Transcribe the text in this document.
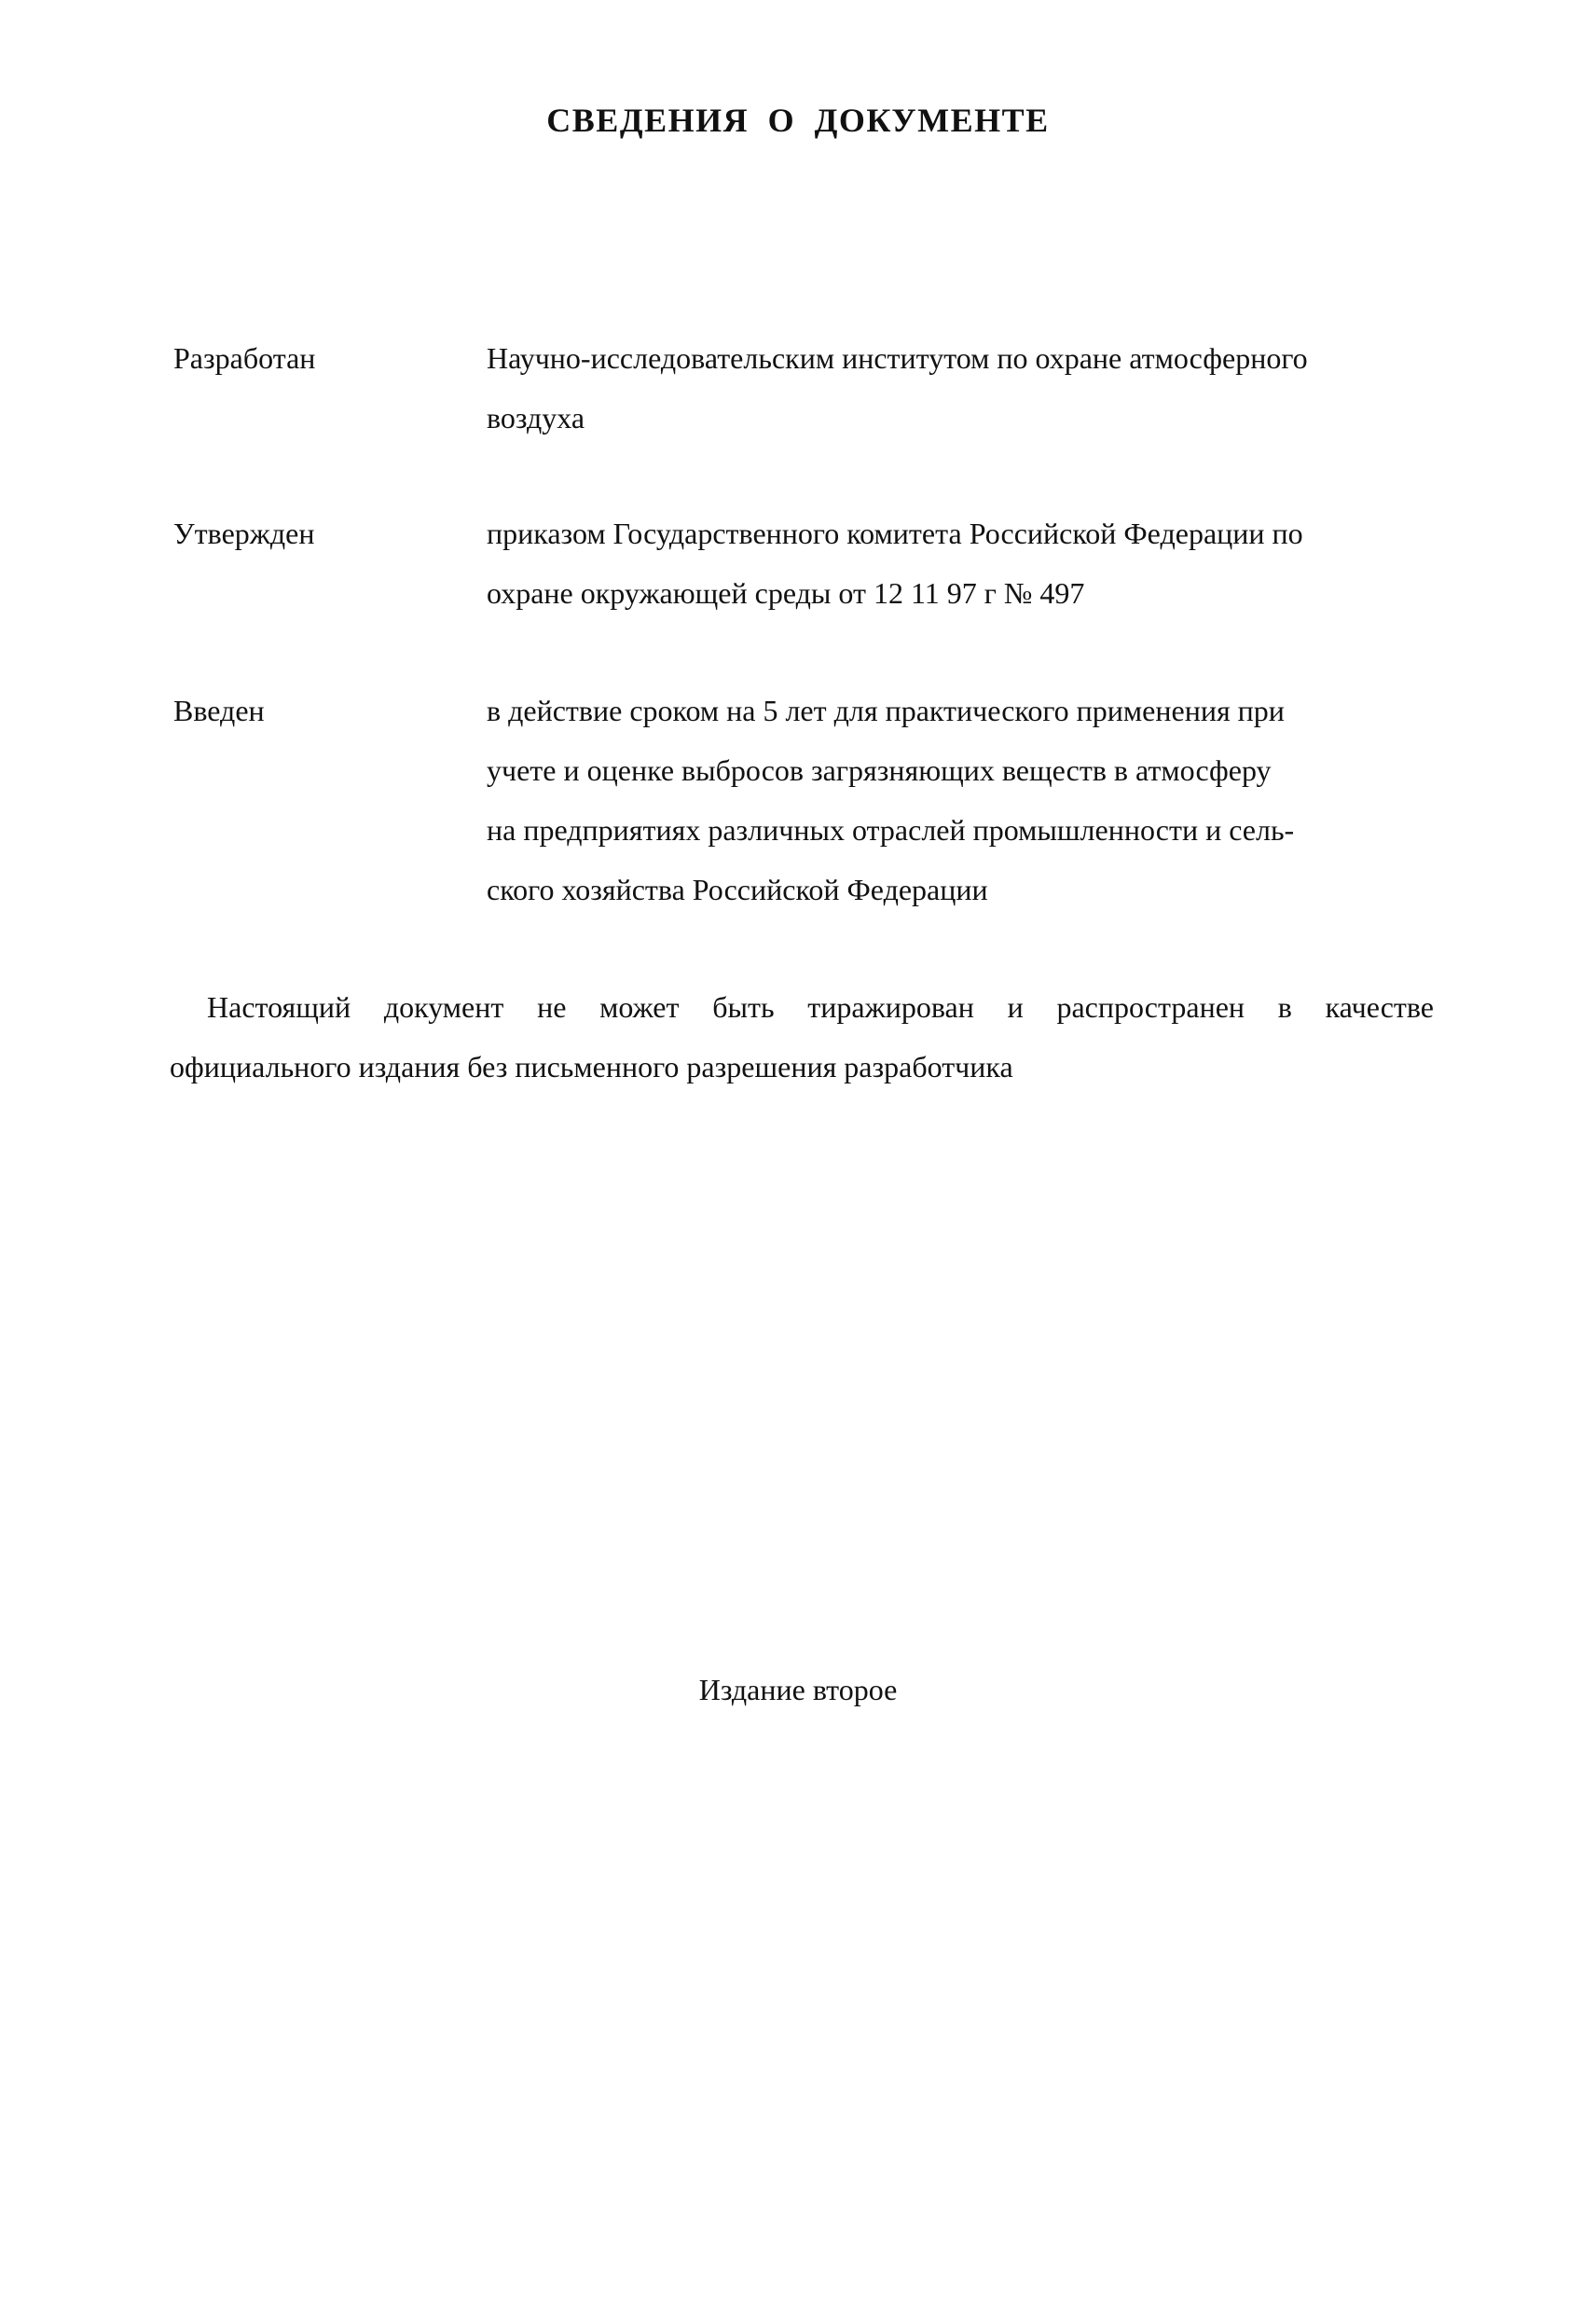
СВЕДЕНИЯ О ДОКУМЕНТЕ
Разработан	Научно-исследовательским институтом по охране атмосферного
воздуха
Утвержден	приказом Государственного комитета Российской Федерации по
охране окружающей среды от 12 11 97 г № 497
Введен	в действие сроком на 5 лет для практического применения при
учете и оценке выбросов загрязняющих веществ в атмосферу
на предприятиях различных отраслей промышленности и сель-
ского хозяйства Российской Федерации
Настоящий документ не может быть тиражирован и распространен в качестве
официального издания без письменного разрешения разработчика
Издание второе
